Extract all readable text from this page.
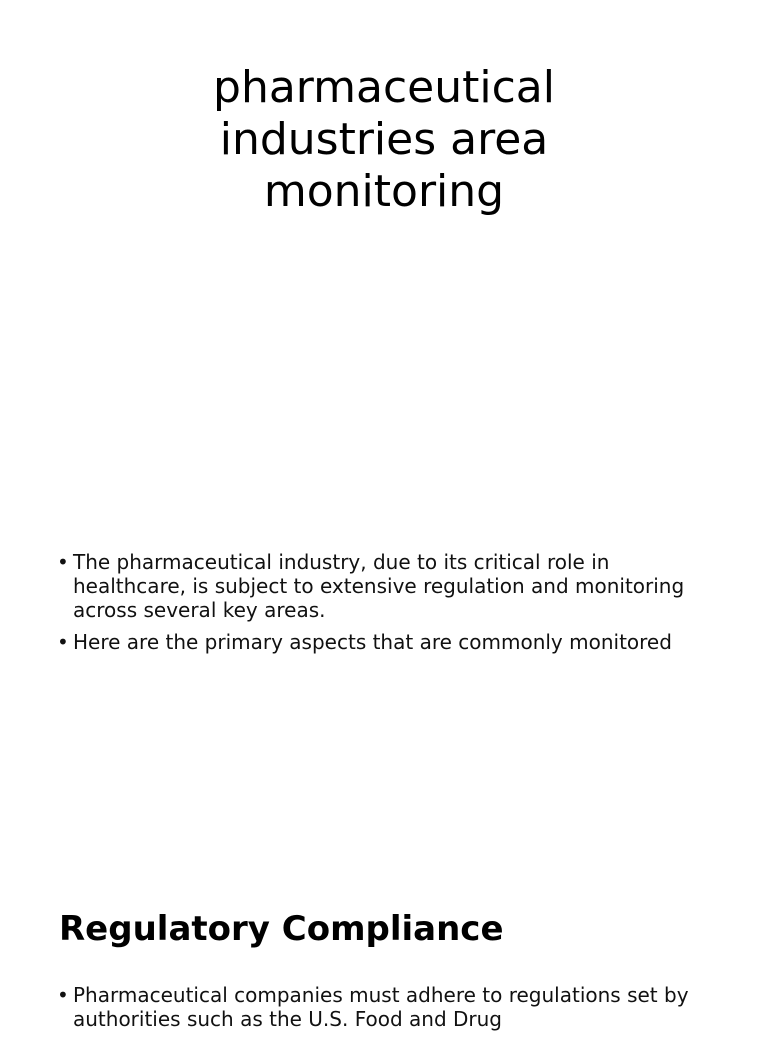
pharmaceutical
industries area
monitoring
• The pharmaceutical industry, due to its critical role in healthcare, is subject to extensive regulation and monitoring across several key areas.
• Here are the primary aspects that are commonly monitored
Regulatory Compliance
• Pharmaceutical companies must adhere to regulations set by authorities such as the U.S. Food and Drug
